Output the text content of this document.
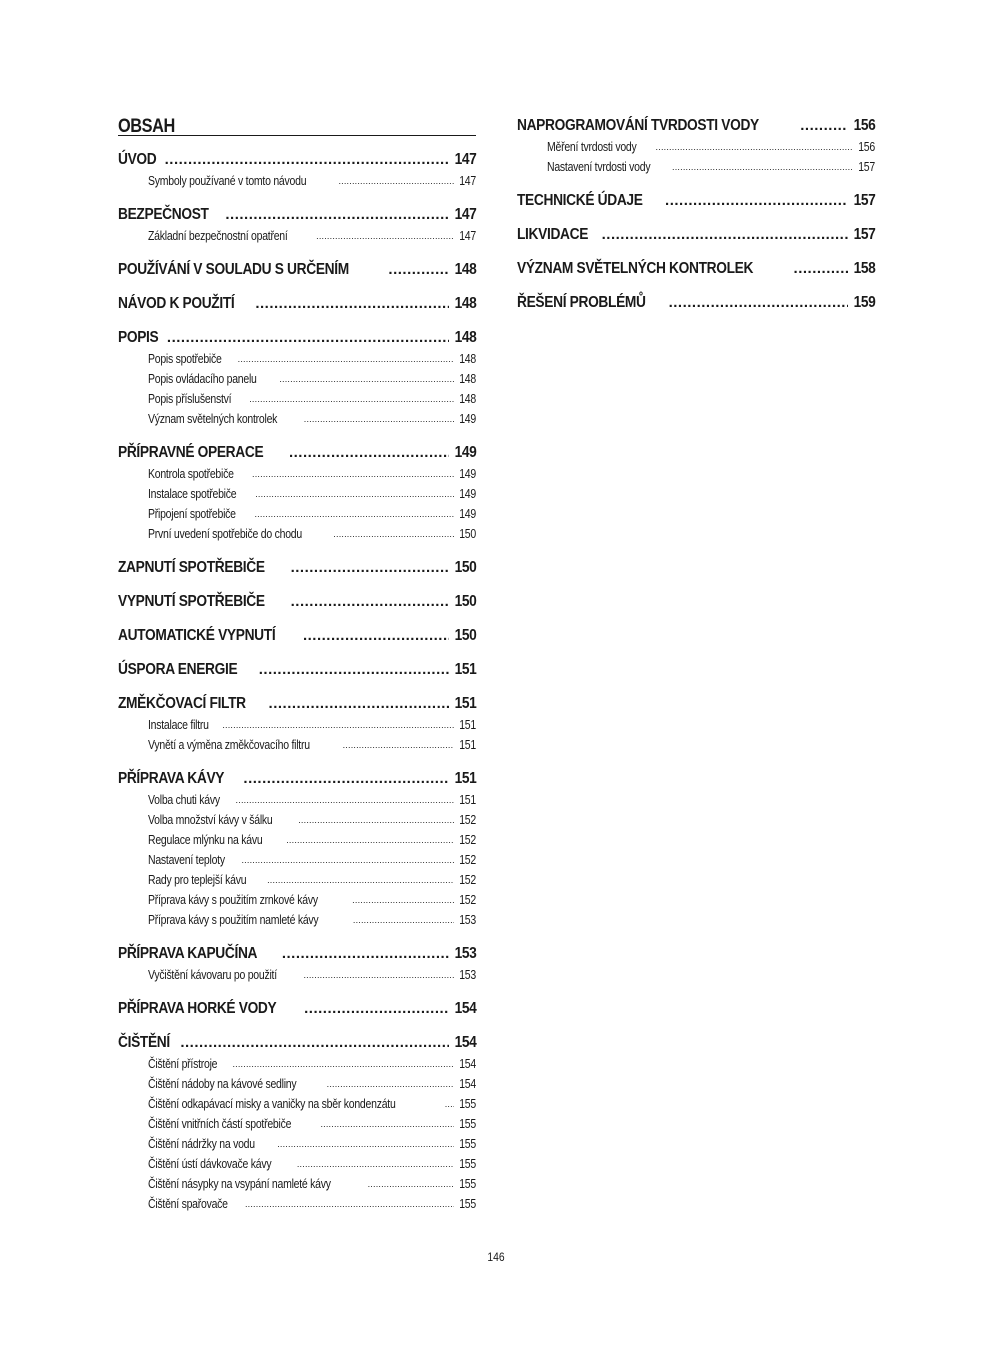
OBSAH
ÚVOD .....	147
Symboly používané v tomto návodu .....	147
BEZPEČNOST .....	147
Základní bezpečnostní opatření .....	147
POUŽÍVÁNÍ V SOULADU S URČENÍM .....	148
NÁVOD K POUŽITÍ .....	148
POPIS .....	148
Popis spotřebiče .....	148
Popis ovládacího panelu .....	148
Popis příslušenství .....	148
Význam světelných kontrolek .....	149
PŘÍPRAVNÉ OPERACE .....	149
Kontrola spotřebiče .....	149
Instalace spotřebiče .....	149
Připojení spotřebiče .....	149
První uvedení spotřebiče do chodu .....	150
ZAPNUTÍ SPOTŘEBIČE .....	150
VYPNUTÍ SPOTŘEBIČE .....	150
AUTOMATICKÉ VYPNUTÍ .....	150
ÚSPORA ENERGIE .....	151
ZMĚKČOVACÍ FILTR .....	151
Instalace filtru .....	151
Vynětí a výměna změkčovacího filtru .....	151
PŘÍPRAVA KÁVY .....	151
Volba chuti kávy .....	151
Volba množství kávy v šálku .....	152
Regulace mlýnku na kávu .....	152
Nastavení teploty .....	152
Rady pro teplejší kávu .....	152
Příprava kávy s použitím zrnkové kávy .....	152
Příprava kávy s použitím namleté kávy .....	153
PŘÍPRAVA KAPUČÍNA .....	153
Vyčištění kávovaru po použití .....	153
PŘÍPRAVA HORKÉ VODY .....	154
ČIŠTĚNÍ .....	154
Čištění přístroje .....	154
Čištění nádoby na kávové sedliny .....	154
Čištění odkapávací misky a vaničky na sběr kondenzátu .....	155
Čištění vnitřních částí spotřebiče .....	155
Čištění nádržky na vodu .....	155
Čištění ústí dávkovače kávy .....	155
Čištění násypky na vsypání namleté kávy .....	155
Čištění spařovače .....	155
NAPROGRAMOVÁNÍ TVRDOSTI VODY .....	156
Měření tvrdosti vody .....	156
Nastavení tvrdosti vody .....	157
TECHNICKÉ ÚDAJE .....	157
LIKVIDACE .....	157
VÝZNAM SVĚTELNÝCH KONTROLEK .....	158
ŘEŠENÍ PROBLÉMŮ .....	159
146
